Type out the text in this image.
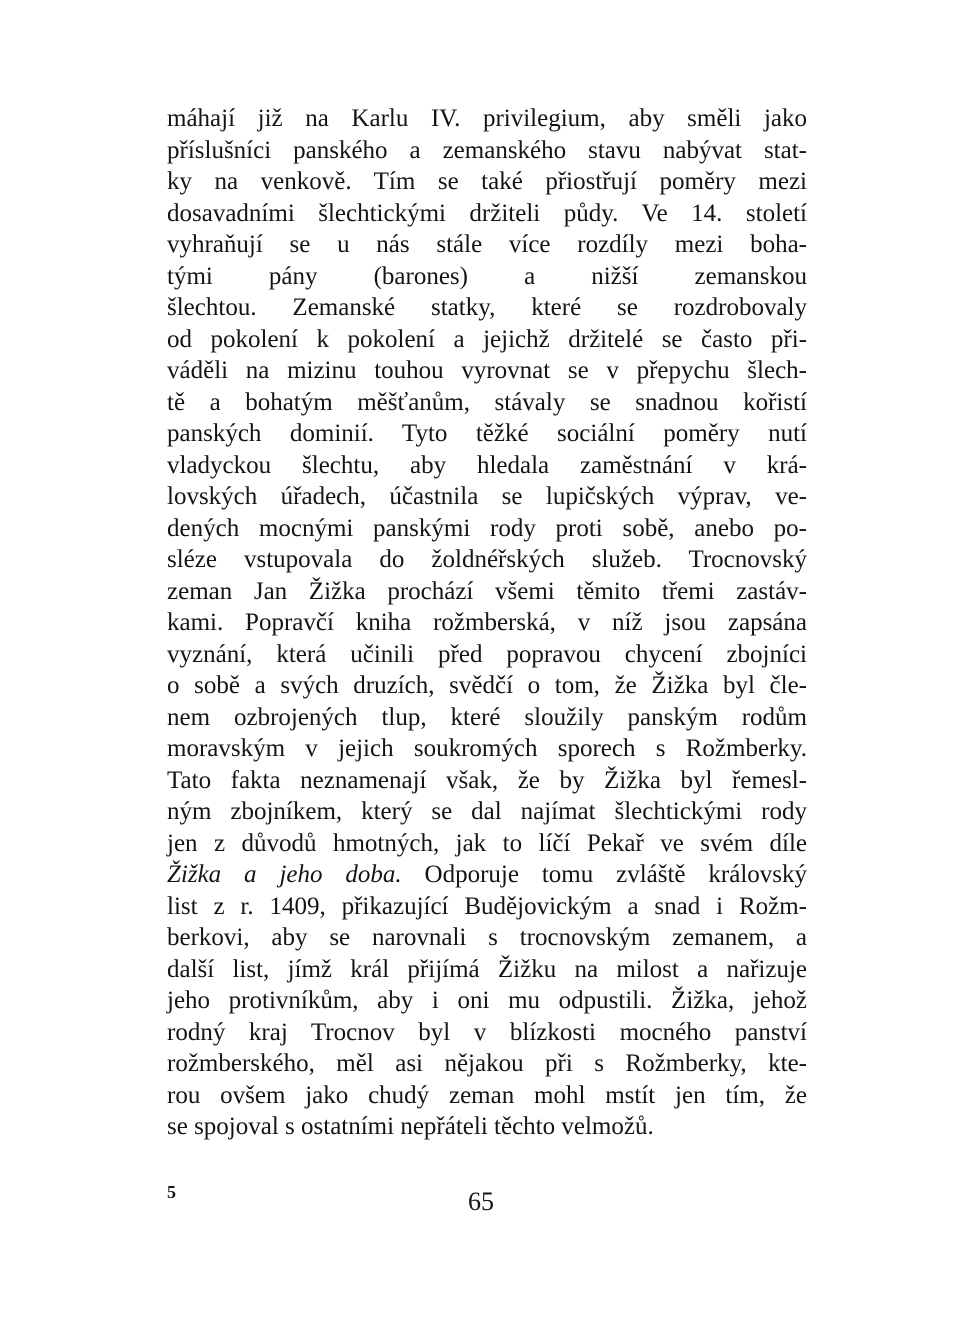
máhají již na Karlu IV. privilegium, aby směli jako
příslušníci panského a zemanského stavu nabývat stat-
ky na venkově. Tím se také přiostřují poměry mezi
dosavadními šlechtickými držiteli půdy. Ve 14. století
vyhraňují se u nás stále více rozdíly mezi boha-
tými pány (barones) a nižší zemanskou
šlechtou. Zemanské statky, které se rozdrobovaly
od pokolení k pokolení a jejichž držitelé se často při-
váděli na mizinu touhou vyrovnat se v přepychu šlech-
tě a bohatým měšťanům, stávaly se snadnou kořistí
panských dominií. Tyto těžké sociální poměry nutí
vladyckou šlechtu, aby hledala zaměstnání v krá-
lovských úřadech, účastnila se lupičských výprav, ve-
dených mocnými panskými rody proti sobě, anebo po-
sléze vstupovala do žoldnéřských služeb. Trocnovský
zeman Jan Žižka prochází všemi těmito třemi zastáv-
kami. Popravčí kniha rožmberská, v níž jsou zapsána
vyznání, která učinili před popravou chycení zbojníci
o sobě a svých druzích, svědčí o tom, že Žižka byl čle-
nem ozbrojených tlup, které sloužily panským rodům
moravským v jejich soukromých sporech s Rožmberky.
Tato fakta neznamenají však, že by Žižka byl řemesl-
ným zbojníkem, který se dal najímat šlechtickými rody
jen z důvodů hmotných, jak to líčí Pekař ve svém díle
Žižka a jeho doba. Odporuje tomu zvláště královský
list z r. 1409, přikazující Budějovickým a snad i Rožm-
berkovi, aby se narovnali s trocnovským zemanem, a
další list, jímž král přijímá Žižku na milost a nařizuje
jeho protivníkům, aby i oni mu odpustili. Žižka, jehož
rodný kraj Trocnov byl v blízkosti mocného panství
rožmberského, měl asi nějakou při s Rožmberky, kte-
rou ovšem jako chudý zeman mohl mstít jen tím, že
se spojoval s ostatními nepřáteli těchto velmožů.
5	65
